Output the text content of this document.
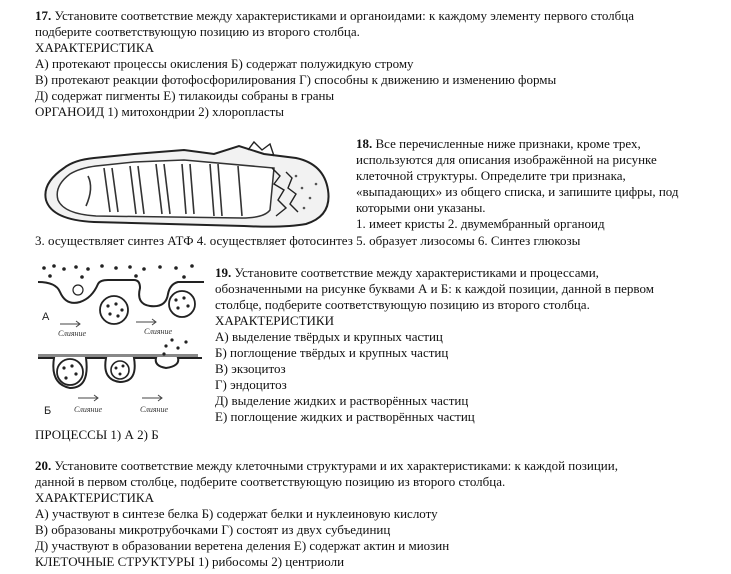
17. Установите соответствие между характеристиками и органоидами: к каждому элементу первого столбца
подберите соответствующую позицию из второго столбца.
ХАРАКТЕРИСТИКА
А) протекают процессы окисления Б) содержат полужидкую строму
В) протекают реакции фотофосфорилирования Г) способны к движению и изменению формы
Д) содержат пигменты Е) тилакоиды собраны в граны
ОРГАНОИД 1) митохондрии 2) хлоропласты
18. Все перечисленные ниже признаки, кроме трех,
используются для описания изображённой на рисунке
клеточной структуры. Определите три признака,
«выпадающих» из общего списка, и запишите цифры, под
которыми они указаны.
1. имеет кристы 2. двумембранный органоид
3. осуществляет синтез АТФ 4. осуществляет фотосинтез 5. образует лизосомы 6. Синтез глюкозы
А
Слияние	Слияние
Б	Слияние	Слияние
19. Установите соответствие между характеристиками и процессами,
обозначенными на рисунке буквами А и Б: к каждой позиции, данной в первом
столбце, подберите соответствующую позицию из второго столбца.
ХАРАКТЕРИСТИКИ
А) выделение твёрдых и крупных частиц
Б) поглощение твёрдых и крупных частиц
В) экзоцитоз
Г) эндоцитоз
Д) выделение жидких и растворённых частиц
Е) поглощение жидких и растворённых частиц
ПРОЦЕССЫ 1) А 2) Б
20. Установите соответствие между клеточными структурами и их характеристиками: к каждой позиции,
данной в первом столбце, подберите соответствующую позицию из второго столбца.
ХАРАКТЕРИСТИКА
А) участвуют в синтезе белка Б) содержат белки и нуклеиновую кислоту
В) образованы микротрубочками Г) состоят из двух субъединиц
Д) участвуют в образовании веретена деления Е) содержат актин и миозин
КЛЕТОЧНЫЕ СТРУКТУРЫ 1) рибосомы 2) центриоли
